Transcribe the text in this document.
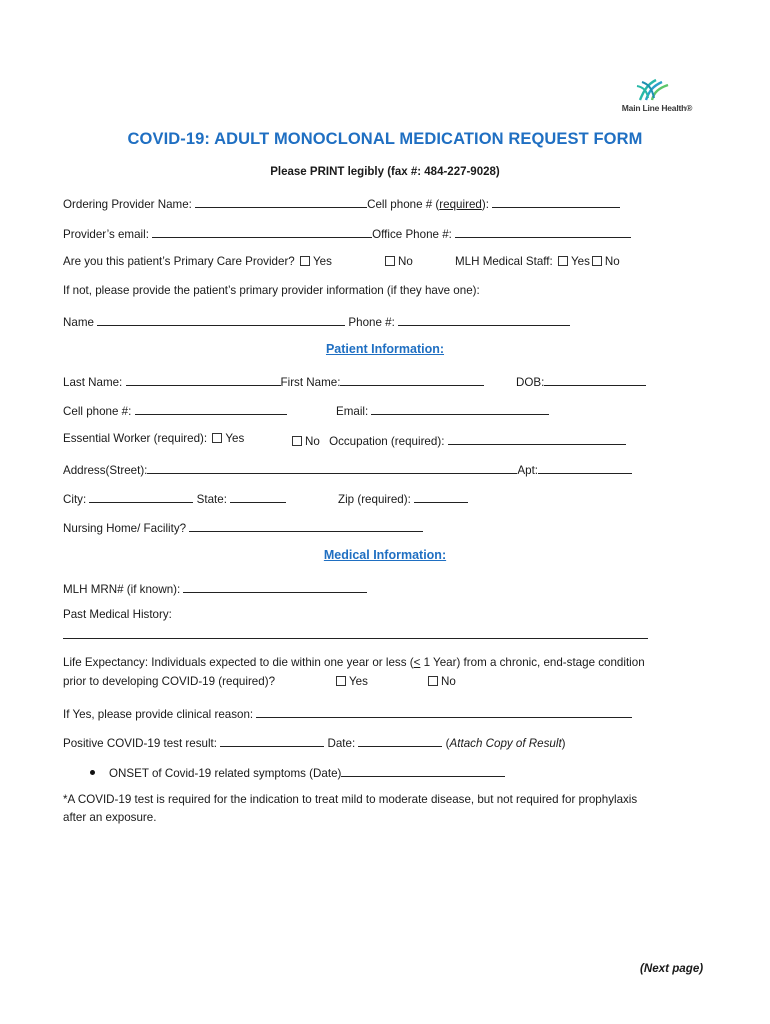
Main Line Health®
COVID-19: ADULT MONOCLONAL MEDICATION REQUEST FORM
Please PRINT legibly (fax #: 484-227-9028)
Ordering Provider Name:	Cell phone # (required):
Provider’s email:	Office Phone #:
Are you this patient’s Primary Care Provider? Yes	No	MLH Medical Staff: Yes No
If not, please provide the patient’s primary provider information (if they have one):
Name	Phone #:
Patient Information:
Last Name:	First Name:	DOB:
Cell phone #:	Email:
Essential Worker (required): Yes	No Occupation (required):
Address(Street):	Apt:
City:	State:	Zip (required):
Nursing Home/ Facility?
Medical Information:
MLH MRN# (if known):
Past Medical History:
Life Expectancy: Individuals expected to die within one year or less (< 1 Year) from a chronic, end-stage condition
prior to developing COVID-19 (required)?	Yes	No
If Yes, please provide clinical reason:
Positive COVID-19 test result:	Date:	(Attach Copy of Result)
ONSET of Covid-19 related symptoms (Date)
*A COVID-19 test is required for the indication to treat mild to moderate disease, but not required for prophylaxis
after an exposure.
(Next page)
